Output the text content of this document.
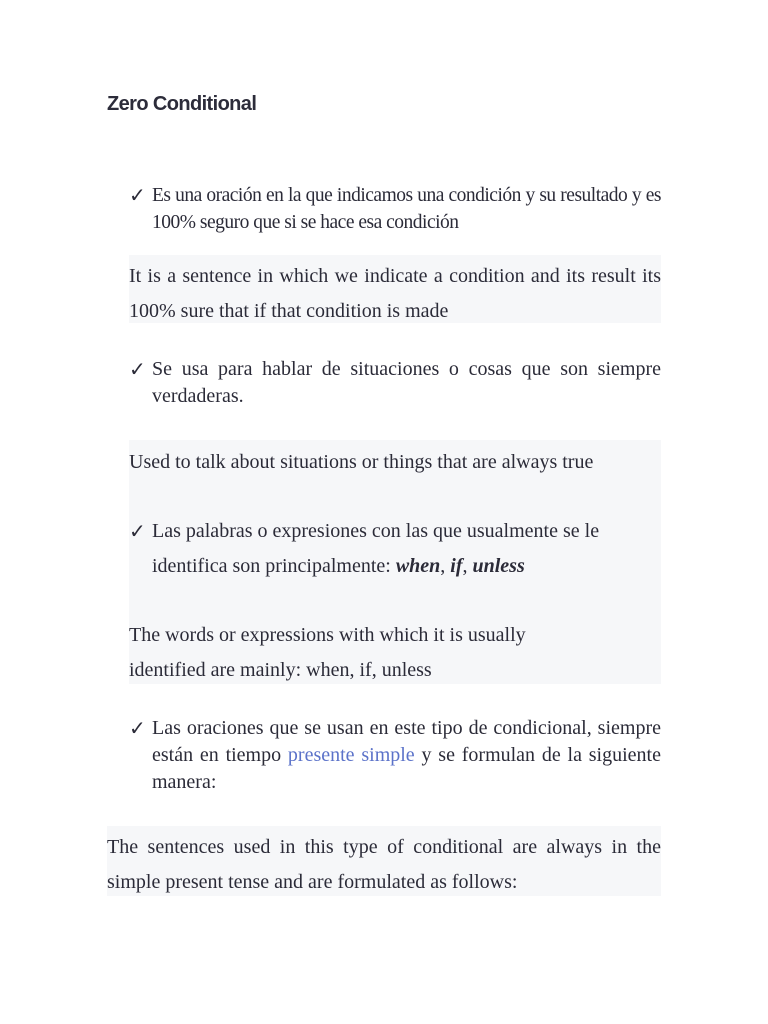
Zero Conditional
✓ Es una oración en la que indicamos una condición y su resultado y es 100% seguro que si se hace esa condición

It is a sentence in which we indicate a condition and its result its 100% sure that if that condition is made

✓ Se usa para hablar de situaciones o cosas que son siempre verdaderas.

Used to talk about situations or things that are always true

✓ Las palabras o expresiones con las que usualmente se le identifica son principalmente: when, if, unless

The words or expressions with which it is usually identified are mainly: when, if, unless

✓ Las oraciones que se usan en este tipo de condicional, siempre están en tiempo presente simple y se formulan de la siguiente manera:

The sentences used in this type of conditional are always in the simple present tense and are formulated as follows:
